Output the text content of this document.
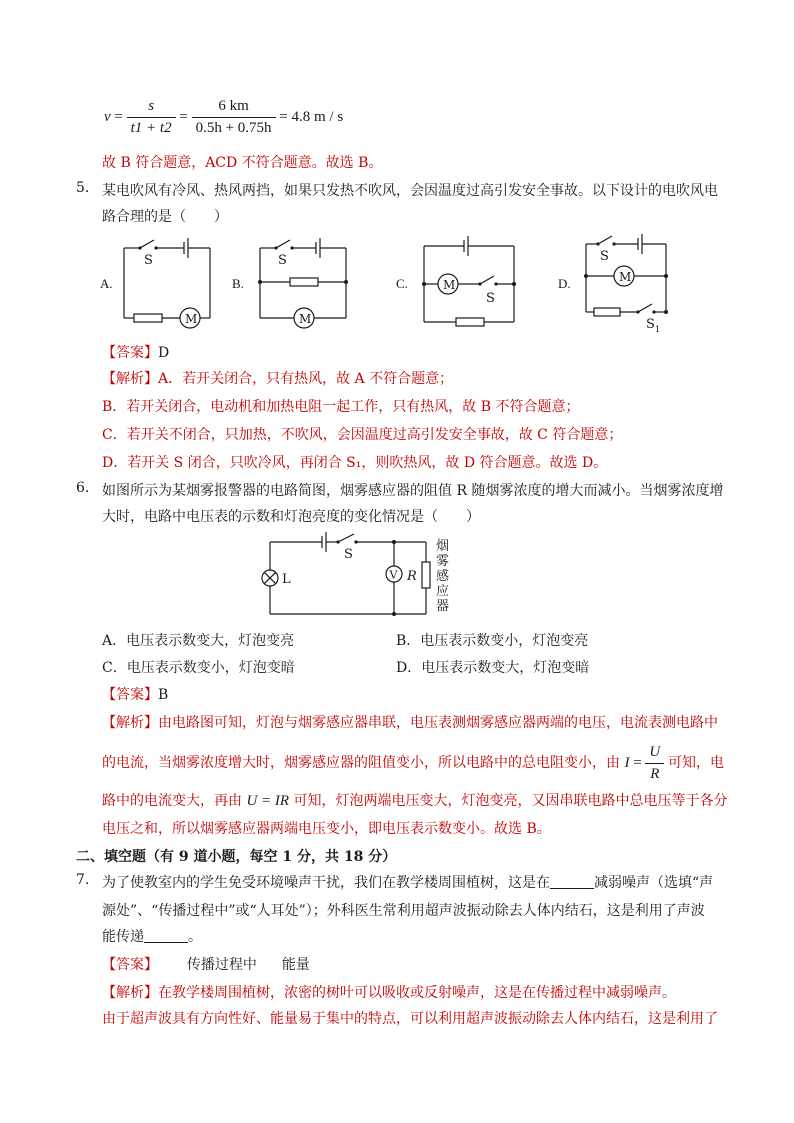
$v = \frac{s}{t1 + t2} = \frac{6 km}{0.5h + 0.75h} = 4.8$ m / s
故 B 符合题意，ACD 不符合题意。故选 B。
5. 某电吹风有冷风、热风两挡，如果只发热不吹风，会因温度过高引发安全事故。以下设计的电吹风电
路合理的是（　　）
A.
S
M
B.
S
M
C.
S
M	D.
S
M
S 1
【答案】D
【解析】A．若开关闭合，只有热风，故 A 不符合题意；
B．若开关闭合，电动机和加热电阻一起工作，只有热风，故 B 不符合题意；
C．若开关不闭合，只加热，不吹风，会因温度过高引发安全事故，故 C 符合题意；
D．若开关 S 闭合，只吹冷风，再闭合 S₁，则吹热风，故 D 符合题意。故选 D。
6. 如图所示为某烟雾报警器的电路简图，烟雾感应器的阻值 R 随烟雾浓度的增大而减小。当烟雾浓度增
大时，电路中电压表的示数和灯泡亮度的变化情况是（　　）
S
L	V R
烟
雾
感
应
器
A．电压表示数变大，灯泡变亮	B．电压表示数变小，灯泡变亮
C．电压表示数变小，灯泡变暗	D．电压表示数变大，灯泡变暗
【答案】B
【解析】由电路图可知，灯泡与烟雾感应器串联，电压表测烟雾感应器两端的电压，电流表测电路中
的电流，当烟雾浓度增大时，烟雾感应器的阻值变小，所以电路中的总电阻变小，由 $I = \frac{U}{R}$ 可知，电
路中的电流变大，再由 U = IR 可知，灯泡两端电压变大，灯泡变亮，又因串联电路中总电压等于各分
电压之和，所以烟雾感应器两端电压变小，即电压表示数变小。故选 B。
二、填空题（有 9 道小题，每空 1 分，共 18 分）
7. 为了使教室内的学生免受环境噪声干扰，我们在教学楼周围植树，这是在	减弱噪声（选填“声
源处”、“传播过程中”或“人耳处”）；外科医生常利用超声波振动除去人体内结石，这是利用了声波
能传递	。
【答案】 传播过程中 能量
【解析】在教学楼周围植树，浓密的树叶可以吸收或反射噪声，这是在传播过程中减弱噪声。
由于超声波具有方向性好、能量易于集中的特点，可以利用超声波振动除去人体内结石，这是利用了
